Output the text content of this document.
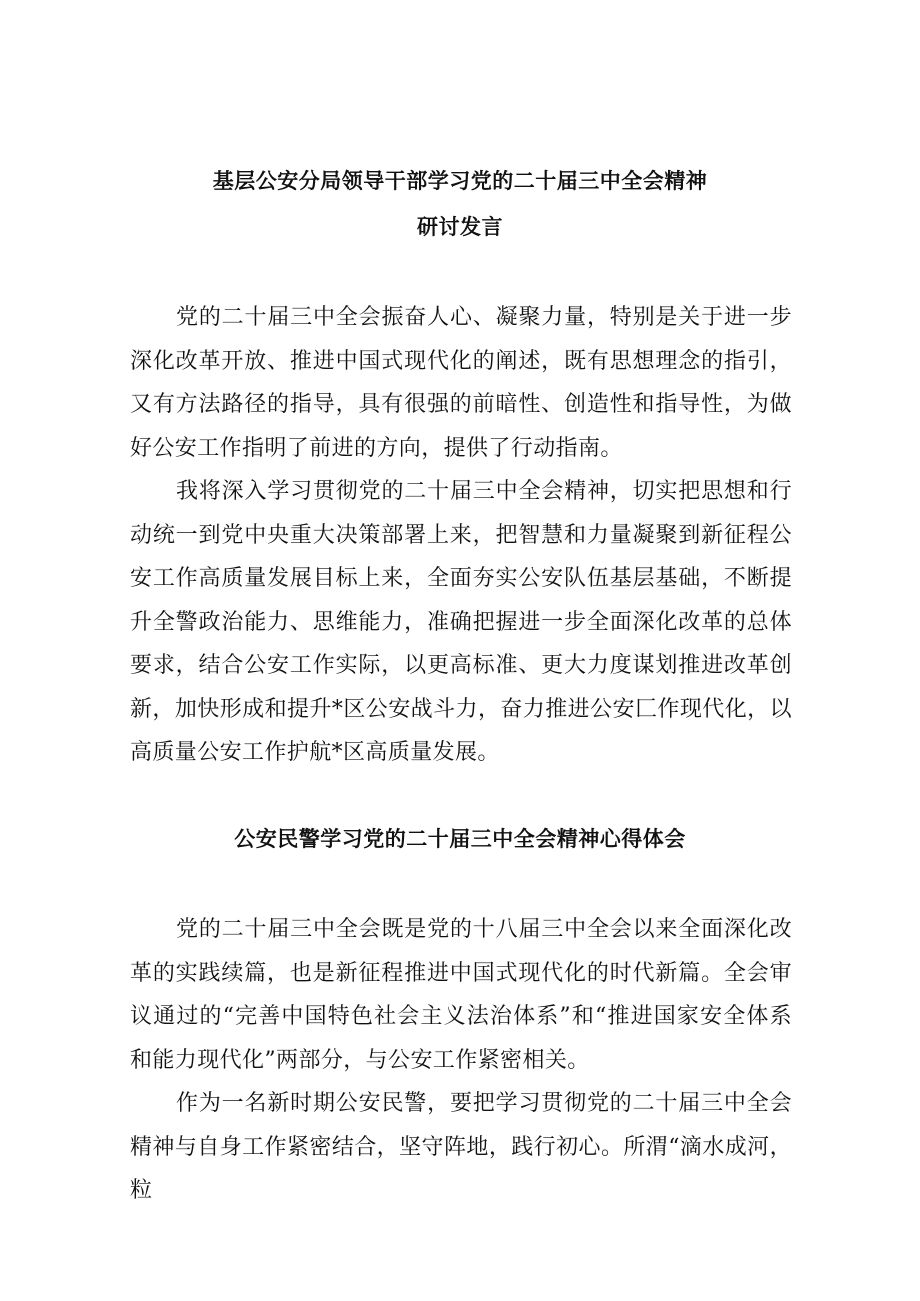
基层公安分局领导干部学习党的二十届三中全会精神
研讨发言

党的二十届三中全会振奋人心、凝聚力量，特别是关于进一步深化改革开放、推进中国式现代化的阐述，既有思想理念的指引，又有方法路径的指导，具有很强的前暗性、创造性和指导性，为做好公安工作指明了前进的方向，提供了行动指南。

我将深入学习贯彻党的二十届三中全会精神，切实把思想和行动统一到党中央重大决策部署上来，把智慧和力量凝聚到新征程公安工作高质量发展目标上来，全面夯实公安队伍基层基础，不断提升全警政治能力、思维能力，准确把握进一步全面深化改革的总体要求，结合公安工作实际，以更高标准、更大力度谋划推进改革创新，加快形成和提升*区公安战斗力，奋力推进公安匚作现代化，以高质量公安工作护航*区高质量发展。

公安民警学习党的二十届三中全会精神心得体会

党的二十届三中全会既是党的十八届三中全会以来全面深化改革的实践续篇，也是新征程推进中国式现代化的时代新篇。全会审议通过的“完善中国特色社会主义法治体系”和“推进国家安全体系和能力现代化”两部分，与公安工作紧密相关。

作为一名新时期公安民警，要把学习贯彻党的二十届三中全会精神与自身工作紧密结合，坚守阵地，践行初心。所渭“滴水成河，粒
